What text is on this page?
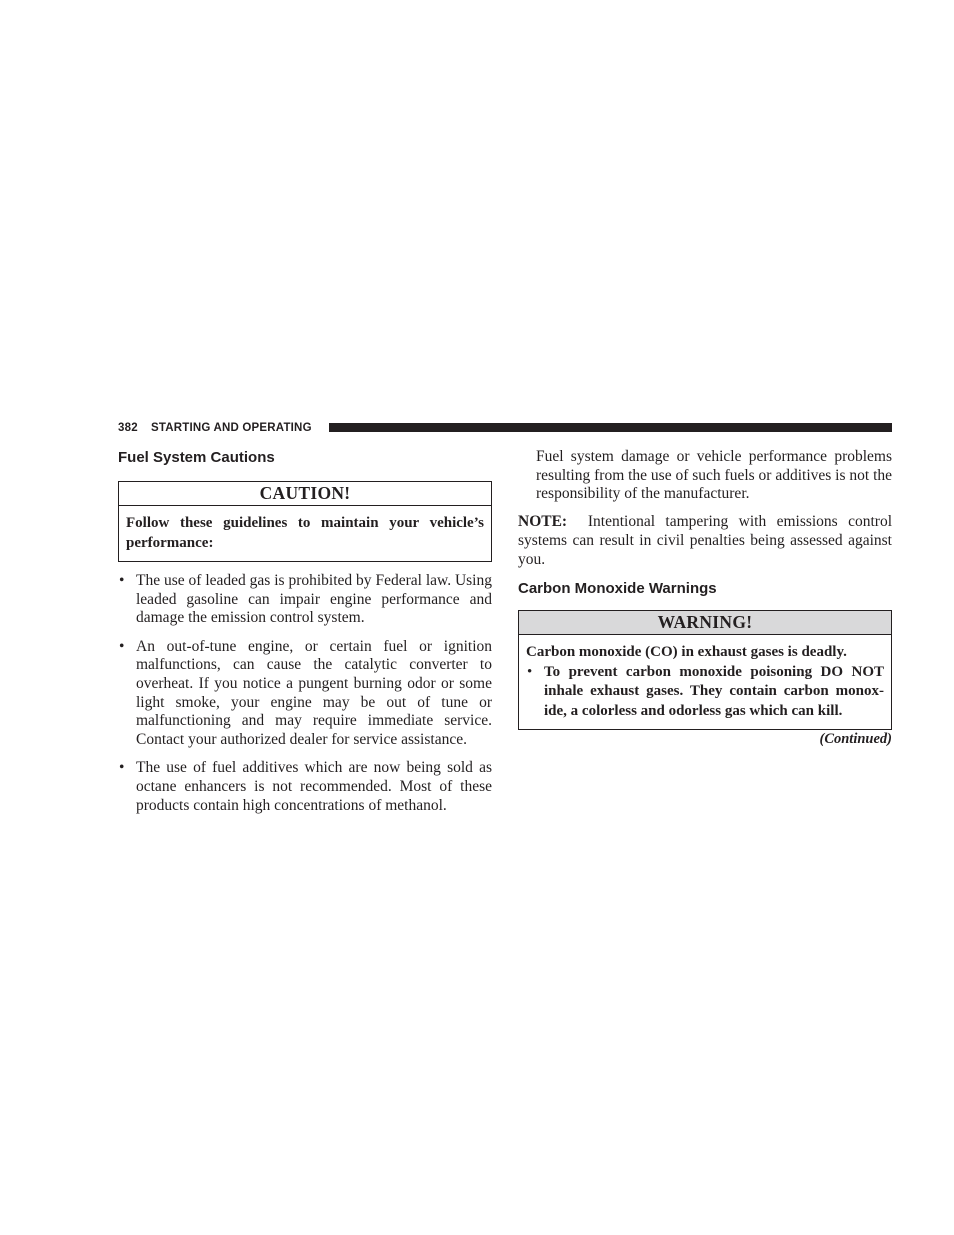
382 STARTING AND OPERATING
Fuel System Cautions
CAUTION!
Follow these guidelines to maintain your vehicle’s performance:
• The use of leaded gas is prohibited by Federal law. Using leaded gasoline can impair engine performance and damage the emission control system.
• An out-of-tune engine, or certain fuel or ignition malfunctions, can cause the catalytic converter to overheat. If you notice a pungent burning odor or some light smoke, your engine may be out of tune or malfunctioning and may require immediate service. Contact your authorized dealer for service assistance.
• The use of fuel additives which are now being sold as octane enhancers is not recommended. Most of these products contain high concentrations of methanol.

Fuel system damage or vehicle performance problems resulting from the use of such fuels or additives is not the responsibility of the manufacturer.

NOTE: Intentional tampering with emissions control systems can result in civil penalties being assessed against you.

Carbon Monoxide Warnings
WARNING!
Carbon monoxide (CO) in exhaust gases is deadly.
• To prevent carbon monoxide poisoning DO NOT inhale exhaust gases. They contain carbon monox-ide, a colorless and odorless gas which can kill.
(Continued)
